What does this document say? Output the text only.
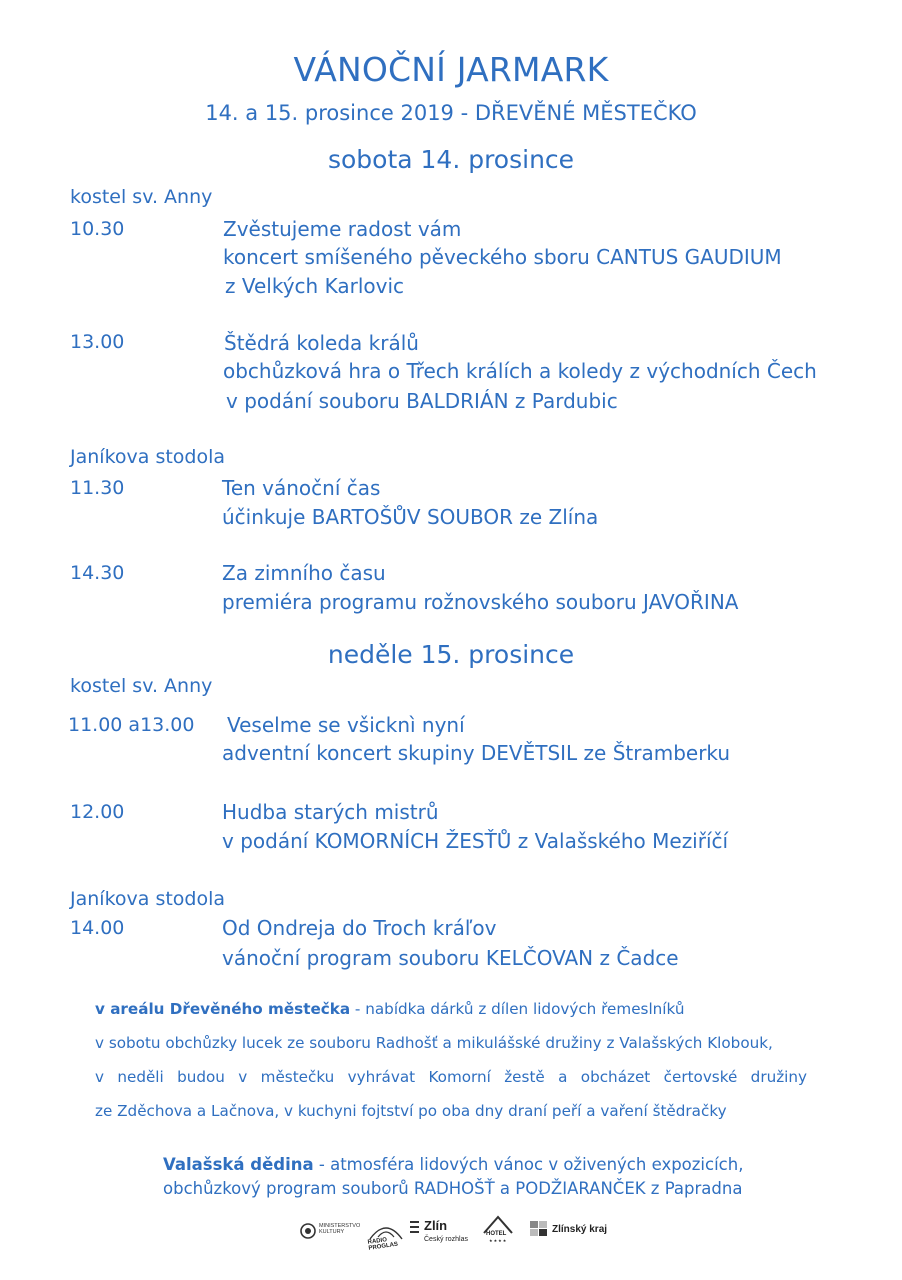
VÁNOČNÍ JARMARK
14. a 15. prosince 2019 - DŘEVĚNÉ MĚSTEČKO
sobota 14. prosince
kostel sv. Anny
10.30	Zvěstujeme radost vám
koncert smíšeného pěveckého sboru CANTUS GAUDIUM
z Velkých Karlovic
13.00	Štědrá koleda králů
obchůzková hra o Třech králích a koledy z východních Čech
v podání souboru BALDRIÁN z Pardubic
Janíkova stodola
11.30	Ten vánoční čas
účinkuje BARTOŠŮV SOUBOR ze Zlína
14.30	Za zimního času
premiéra programu rožnovského souboru JAVOŘINA
neděle 15. prosince
kostel sv. Anny
11.00 a13.00 Veselme se všicknì nyní
adventní koncert skupiny DEVĚTSIL ze Štramberku
12.00	Hudba starých mistrů
v podání KOMORNÍCH ŽESŤŮ z Valašského Meziříčí
Janíkova stodola
14.00	Od Ondreja do Troch kráľov
vánoční program souboru KELČOVAN z Čadce
v areálu Dřevěného městečka - nabídka dárků z dílen lidových řemeslníků
v sobotu obchůzky lucek ze souboru Radhošť a mikulášské družiny z Valašských Klobouk,
v neděli budou v městečku vyhrávat Komorní žestě a obcházet čertovské družiny
ze Zděchova a Lačnova, v kuchyni fojtství po oba dny draní peří a vaření štědračky
Valašská dědina - atmosféra lidových vánoc v oživených expozicích,
obchůzkový program souborů RADHOŠŤ a PODŽIARANČEK z Papradna
MINISTERSTVO
KULTURY
RADIO PROGLAS
Zlín
Český rozhlas
HOTEL
★★★★
Zlínský kraj
